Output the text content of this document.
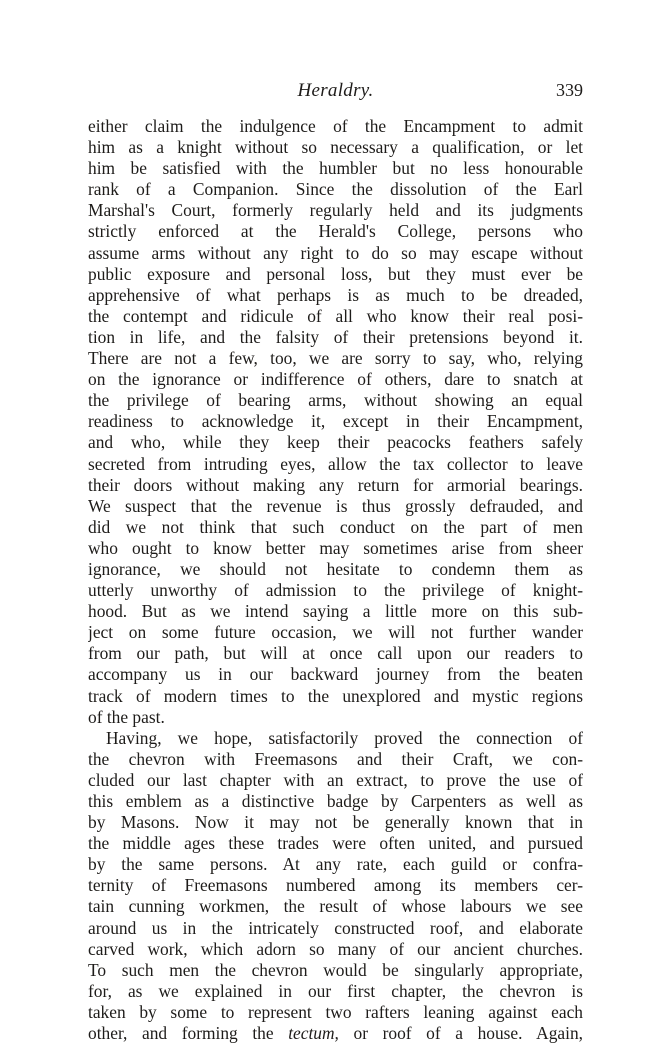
Heraldry.	339
either claim the indulgence of the Encampment to admit
him as a knight without so necessary a qualification, or let
him be satisfied with the humbler but no less honourable
rank of a Companion. Since the dissolution of the Earl
Marshal's Court, formerly regularly held and its judgments
strictly enforced at the Herald's College, persons who
assume arms without any right to do so may escape without
public exposure and personal loss, but they must ever be
apprehensive of what perhaps is as much to be dreaded,
the contempt and ridicule of all who know their real posi-
tion in life, and the falsity of their pretensions beyond it.
There are not a few, too, we are sorry to say, who, relying
on the ignorance or indifference of others, dare to snatch at
the privilege of bearing arms, without showing an equal
readiness to acknowledge it, except in their Encampment,
and who, while they keep their peacocks feathers safely
secreted from intruding eyes, allow the tax collector to leave
their doors without making any return for armorial bearings.
We suspect that the revenue is thus grossly defrauded, and
did we not think that such conduct on the part of men
who ought to know better may sometimes arise from sheer
ignorance, we should not hesitate to condemn them as
utterly unworthy of admission to the privilege of knight-
hood. But as we intend saying a little more on this sub-
ject on some future occasion, we will not further wander
from our path, but will at once call upon our readers to
accompany us in our backward journey from the beaten
track of modern times to the unexplored and mystic regions
of the past.
Having, we hope, satisfactorily proved the connection of
the chevron with Freemasons and their Craft, we con-
cluded our last chapter with an extract, to prove the use of
this emblem as a distinctive badge by Carpenters as well as
by Masons. Now it may not be generally known that in
the middle ages these trades were often united, and pursued
by the same persons. At any rate, each guild or confra-
ternity of Freemasons numbered among its members cer-
tain cunning workmen, the result of whose labours we see
around us in the intricately constructed roof, and elaborate
carved work, which adorn so many of our ancient churches.
To such men the chevron would be singularly appropriate,
for, as we explained in our first chapter, the chevron is
taken by some to represent two rafters leaning against each
other, and forming the tectum, or roof of a house. Again,
